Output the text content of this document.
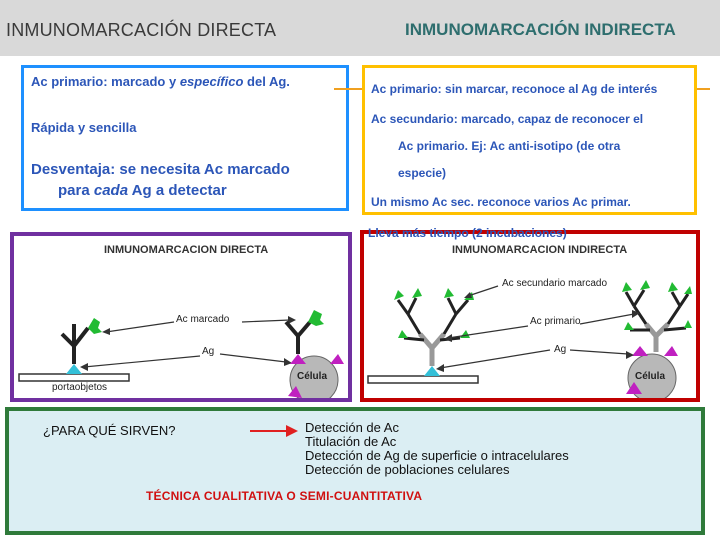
INMUNOMARCACIÓN DIRECTA	INMUNOMARCACIÓN INDIRECTA
Ac primario: marcado y específico del Ag.
Rápida y sencilla
Desventaja: se necesita Ac marcado
para cada Ag a detectar
Ac primario: sin marcar, reconoce al Ag de interés
Ac secundario: marcado, capaz de reconocer el
Ac primario. Ej: Ac anti-isotipo (de otra
especie)
Un mismo Ac sec. reconoce varios Ac primar.
Lleva más tiempo (2 incubaciones)
INMUNOMARCACION DIRECTA
Ac marcado
Ag
portaobjetos
Célula
INMUNOMARCACION INDIRECTA
Ac secundario marcado
Ac primario
Ag
Célula
¿PARA QUÉ SIRVEN?	Detección de Ac
Titulación de Ac
Detección de Ag de superficie o intracelulares
Detección de poblaciones celulares
TÉCNICA CUALITATIVA O SEMI-CUANTITATIVA
